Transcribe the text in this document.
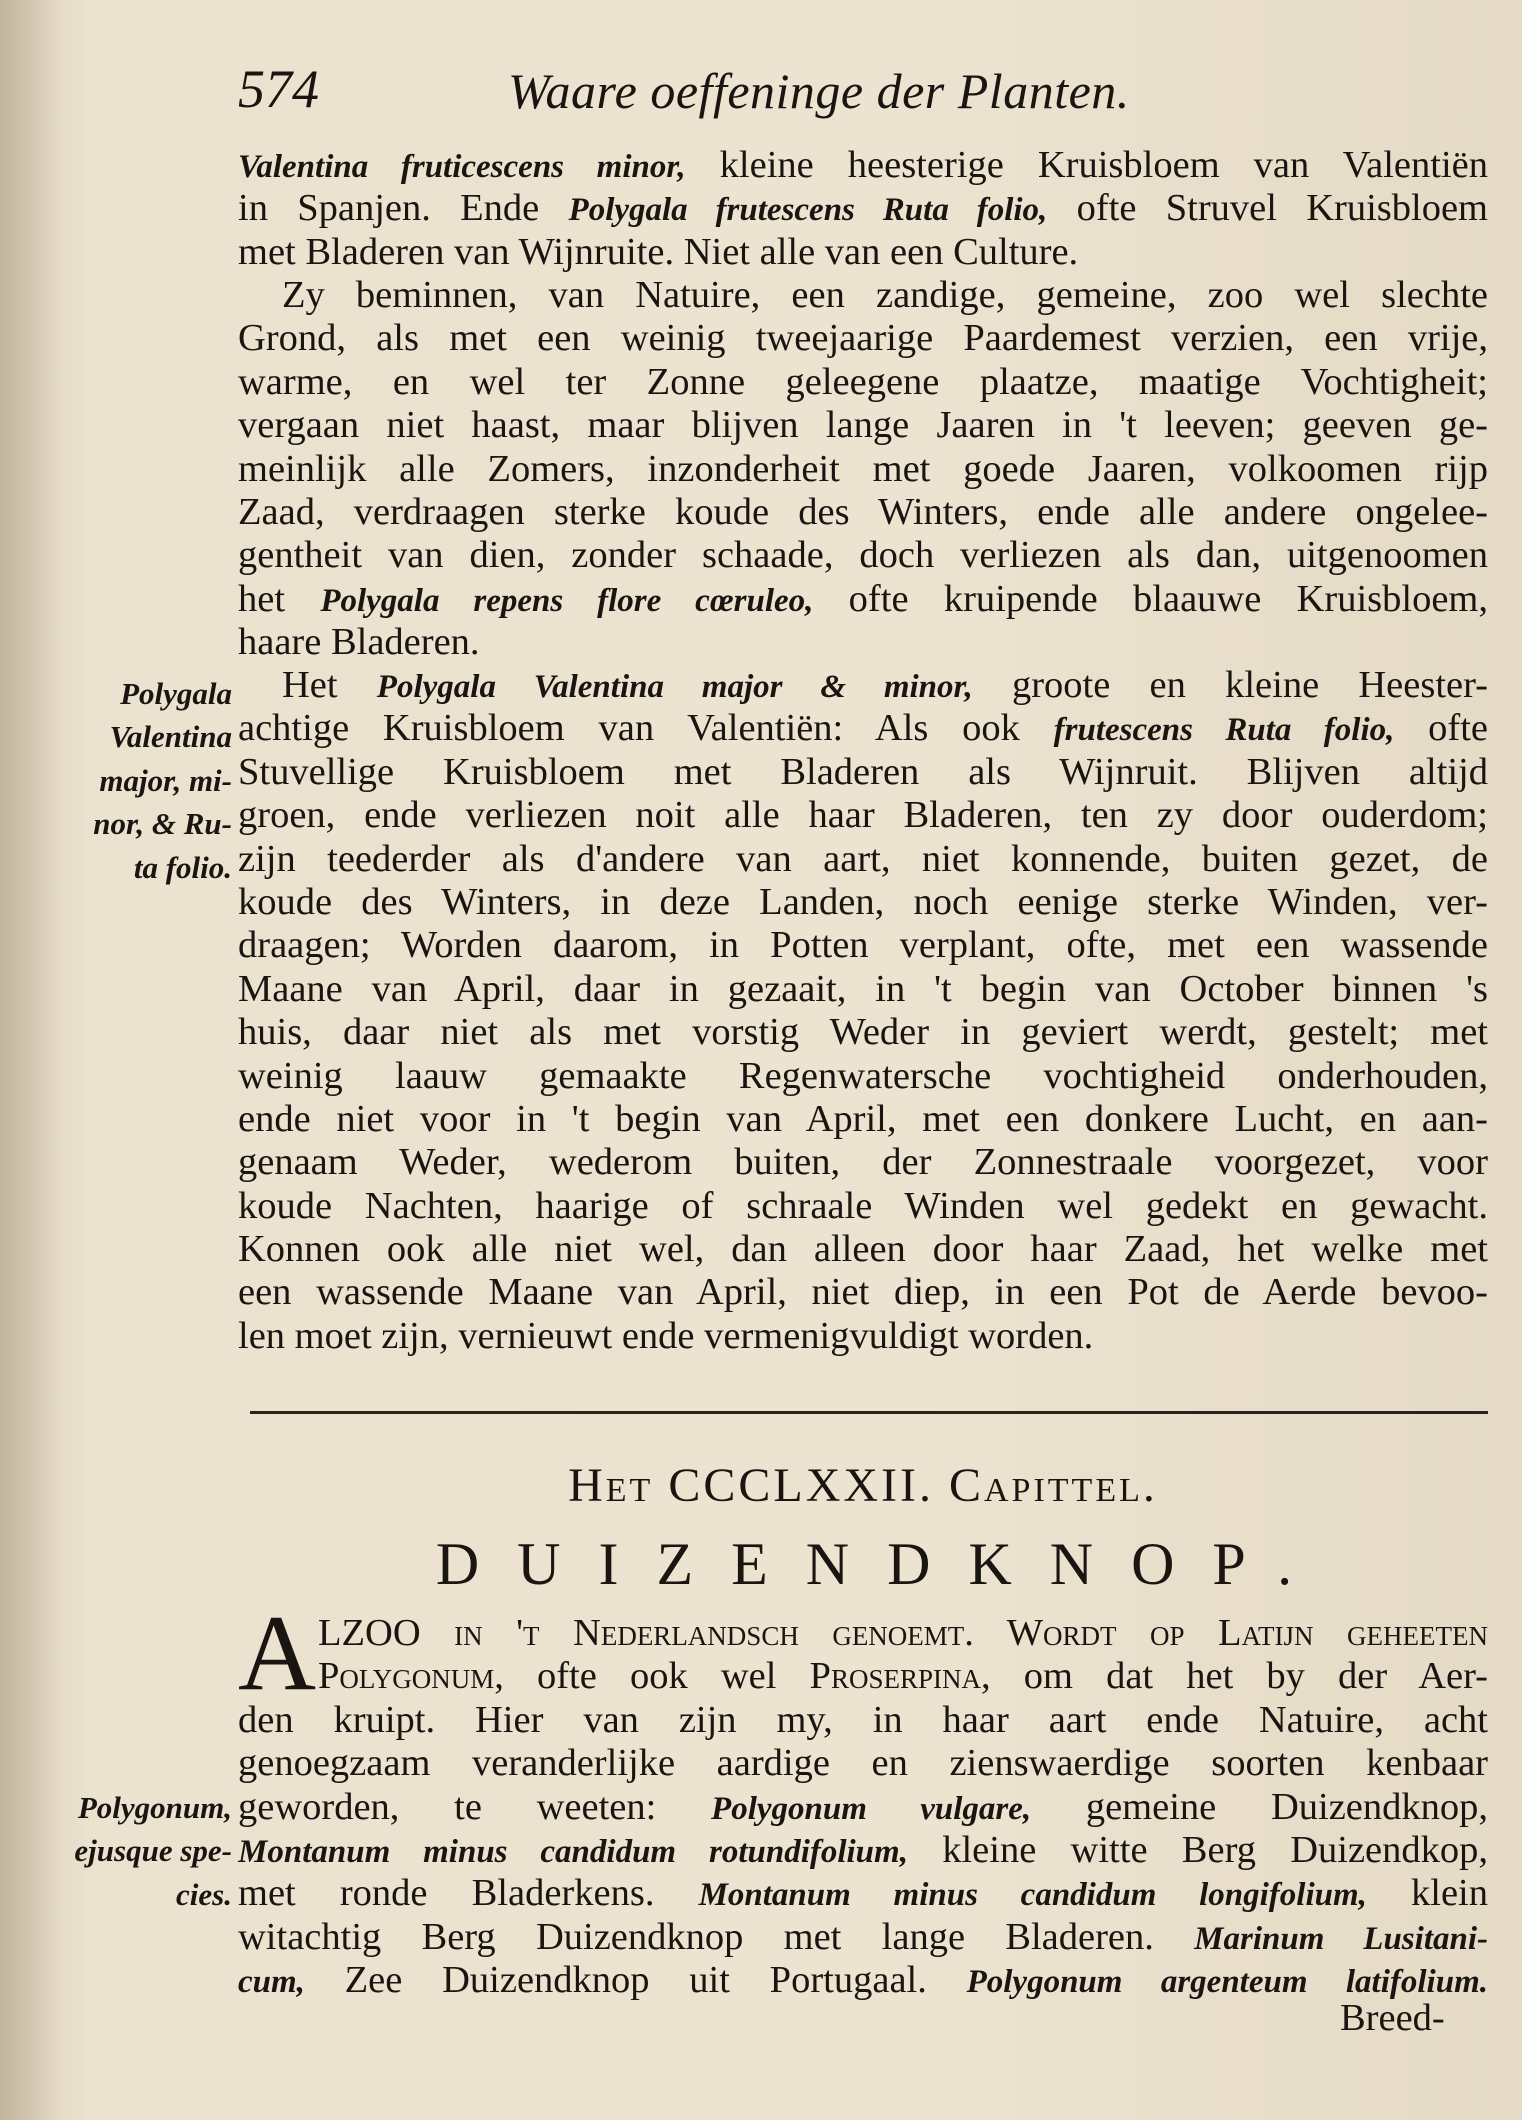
574	Waare oeffeninge der Planten.
Valentina fruticescens minor, kleine heesterige Kruisbloem van Valentiën
in Spanjen. Ende Polygala frutescens Ruta folio, ofte Struvel Kruisbloem
met Bladeren van Wijnruite. Niet alle van een Culture.
Zy beminnen, van Natuire, een zandige, gemeine, zoo wel slechte
Grond, als met een weinig tweejaarige Paardemest verzien, een vrije,
warme, en wel ter Zonne geleegene plaatze, maatige Vochtigheit;
vergaan niet haast, maar blijven lange Jaaren in 't leeven; geeven ge-
meinlijk alle Zomers, inzonderheit met goede Jaaren, volkoomen rijp
Zaad, verdraagen sterke koude des Winters, ende alle andere ongelee-
gentheit van dien, zonder schaade, doch verliezen als dan, uitgenoomen
het Polygala repens flore cœruleo, ofte kruipende blaauwe Kruisbloem,
haare Bladeren.
Polygala
Valentina
major, mi-
nor, & Ru-
ta folio.
Het Polygala Valentina major & minor, groote en kleine Heester-
achtige Kruisbloem van Valentiën: Als ook frutescens Ruta folio, ofte
Stuvellige Kruisbloem met Bladeren als Wijnruit. Blijven altijd
groen, ende verliezen noit alle haar Bladeren, ten zy door ouderdom;
zijn teederder als d'andere van aart, niet konnende, buiten gezet, de
koude des Winters, in deze Landen, noch eenige sterke Winden, ver-
draagen; Worden daarom, in Potten verplant, ofte, met een wassende
Maane van April, daar in gezaait, in 't begin van October binnen 's
huis, daar niet als met vorstig Weder in geviert werdt, gestelt; met
weinig laauw gemaakte Regenwatersche vochtigheid onderhouden,
ende niet voor in 't begin van April, met een donkere Lucht, en aan-
genaam Weder, wederom buiten, der Zonnestraale voorgezet, voor
koude Nachten, haarige of schraale Winden wel gedekt en gewacht.
Konnen ook alle niet wel, dan alleen door haar Zaad, het welke met
een wassende Maane van April, niet diep, in een Pot de Aerde bevoo-
len moet zijn, vernieuwt ende vermenigvuldigt worden.
Het CCCLXXII. Capittel.
DUIZENDKNOP.
A LZOO in 't Nederlandsch genoemt. Wordt op Latijn geheeten
Polygonum, ofte ook wel Proserpina, om dat het by der Aer-
den kruipt. Hier van zijn my, in haar aart ende Natuire, acht
genoegzaam veranderlijke aardige en zienswaerdige soorten kenbaar
geworden, te weeten: Polygonum vulgare, gemeine Duizendknop,
Montanum minus candidum rotundifolium, kleine witte Berg Duizendkop,
met ronde Bladerkens. Montanum minus candidum longifolium, klein
witachtig Berg Duizendknop met lange Bladeren. Marinum Lusitani-
cum, Zee Duizendknop uit Portugaal. Polygonum argenteum latifolium.
Polygonum,
ejusque spe-
cies.
Breed-
